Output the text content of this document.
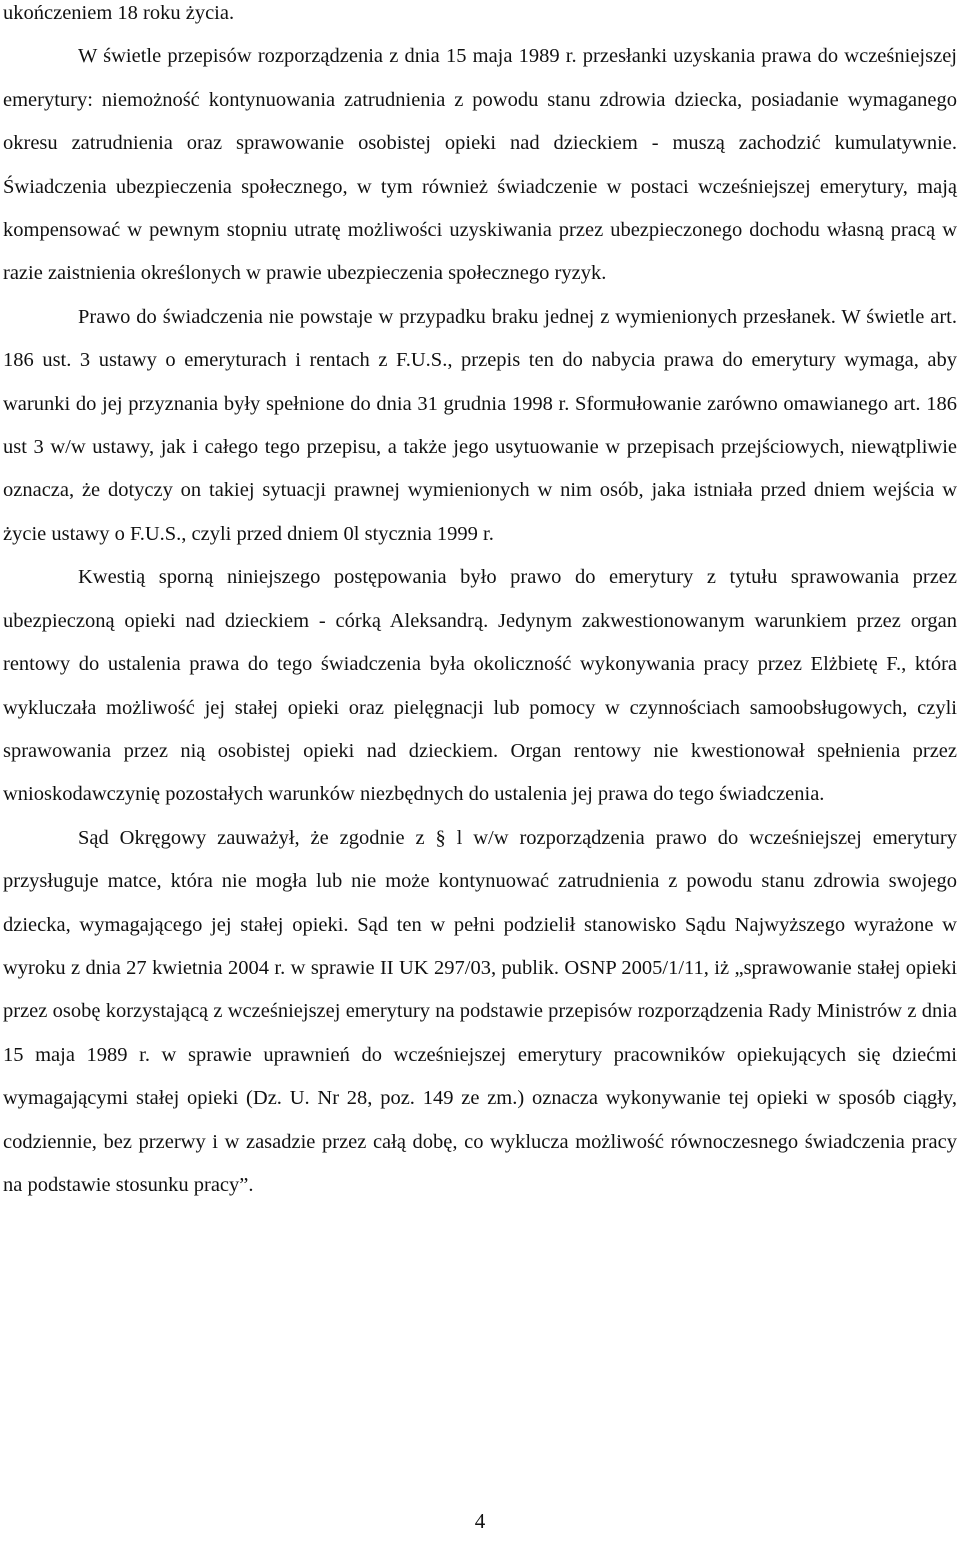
ukończeniem 18 roku życia.

W świetle przepisów rozporządzenia z dnia 15 maja 1989 r. przesłanki uzyskania prawa do wcześniejszej emerytury: niemożność kontynuowania zatrudnienia z powodu stanu zdrowia dziecka, posiadanie wymaganego okresu zatrudnienia oraz sprawowanie osobistej opieki nad dzieckiem - muszą zachodzić kumulatywnie. Świadczenia ubezpieczenia społecznego, w tym również świadczenie w postaci wcześniejszej emerytury, mają kompensować w pewnym stopniu utratę możliwości uzyskiwania przez ubezpieczonego dochodu własną pracą w razie zaistnienia określonych w prawie ubezpieczenia społecznego ryzyk.

Prawo do świadczenia nie powstaje w przypadku braku jednej z wymienionych przesłanek. W świetle art. 186 ust. 3 ustawy o emeryturach i rentach z F.U.S., przepis ten do nabycia prawa do emerytury wymaga, aby warunki do jej przyznania były spełnione do dnia 31 grudnia 1998 r. Sformułowanie zarówno omawianego art. 186 ust 3 w/w ustawy, jak i całego tego przepisu, a także jego usytuowanie w przepisach przejściowych, niewątpliwie oznacza, że dotyczy on takiej sytuacji prawnej wymienionych w nim osób, jaka istniała przed dniem wejścia w życie ustawy o F.U.S., czyli przed dniem 0l stycznia 1999 r.

Kwestią sporną niniejszego postępowania było prawo do emerytury z tytułu sprawowania przez ubezpieczoną opieki nad dzieckiem - córką Aleksandrą. Jedynym zakwestionowanym warunkiem przez organ rentowy do ustalenia prawa do tego świadczenia była okoliczność wykonywania pracy przez Elżbietę F., która wykluczała możliwość jej stałej opieki oraz pielęgnacji lub pomocy w czynnościach samoobsługowych, czyli sprawowania przez nią osobistej opieki nad dzieckiem. Organ rentowy nie kwestionował spełnienia przez wnioskodawczynię pozostałych warunków niezbędnych do ustalenia jej prawa do tego świadczenia.

Sąd Okręgowy zauważył, że zgodnie z § l w/w rozporządzenia prawo do wcześniejszej emerytury przysługuje matce, która nie mogła lub nie może kontynuować zatrudnienia z powodu stanu zdrowia swojego dziecka, wymagającego jej stałej opieki. Sąd ten w pełni podzielił stanowisko Sądu Najwyższego wyrażone w wyroku z dnia 27 kwietnia 2004 r. w sprawie II UK 297/03, publik. OSNP 2005/1/11, iż „sprawowanie stałej opieki przez osobę korzystającą z wcześniejszej emerytury na podstawie przepisów rozporządzenia Rady Ministrów z dnia 15 maja 1989 r. w sprawie uprawnień do wcześniejszej emerytury pracowników opiekujących się dziećmi wymagającymi stałej opieki (Dz. U. Nr 28, poz. 149 ze zm.) oznacza wykonywanie tej opieki w sposób ciągły, codziennie, bez przerwy i w zasadzie przez całą dobę, co wyklucza możliwość równoczesnego świadczenia pracy na podstawie stosunku pracy”.

4
